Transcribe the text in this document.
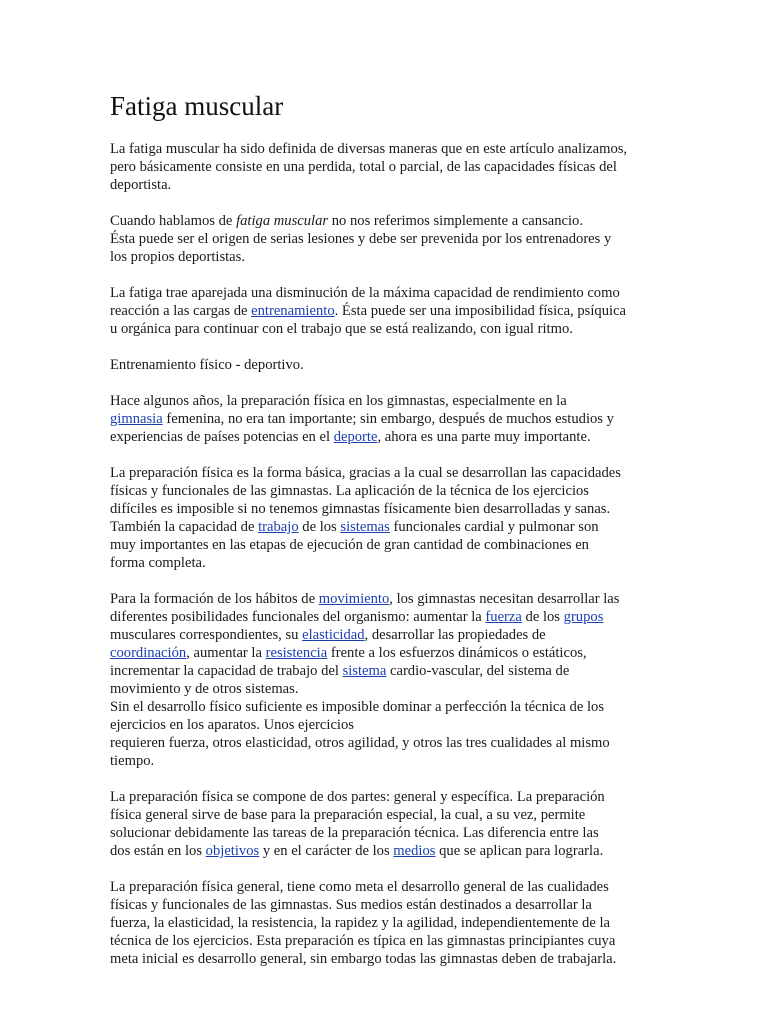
Fatiga muscular
La fatiga muscular ha sido definida de diversas maneras que en este artículo analizamos,
pero básicamente consiste en una perdida, total o parcial, de las capacidades físicas del
deportista.
Cuando hablamos de fatiga muscular no nos referimos simplemente a cansancio.
Ésta puede ser el origen de serias lesiones y debe ser prevenida por los entrenadores y
los propios deportistas.
La fatiga trae aparejada una disminución de la máxima capacidad de rendimiento como
reacción a las cargas de entrenamiento. Ésta puede ser una imposibilidad física, psíquica
u orgánica para continuar con el trabajo que se está realizando, con igual ritmo.
Entrenamiento físico - deportivo.
Hace algunos años, la preparación física en los gimnastas, especialmente en la
gimnasia femenina, no era tan importante; sin embargo, después de muchos estudios y
experiencias de países potencias en el deporte, ahora es una parte muy importante.
La preparación física es la forma básica, gracias a la cual se desarrollan las capacidades
físicas y funcionales de las gimnastas. La aplicación de la técnica de los ejercicios
difíciles es imposible si no tenemos gimnastas físicamente bien desarrolladas y sanas.
También la capacidad de trabajo de los sistemas funcionales cardial y pulmonar son
muy importantes en las etapas de ejecución de gran cantidad de combinaciones en
forma completa.
Para la formación de los hábitos de movimiento, los gimnastas necesitan desarrollar las
diferentes posibilidades funcionales del organismo: aumentar la fuerza de los grupos
musculares correspondientes, su elasticidad, desarrollar las propiedades de
coordinación, aumentar la resistencia frente a los esfuerzos dinámicos o estáticos,
incrementar la capacidad de trabajo del sistema cardio-vascular, del sistema de
movimiento y de otros sistemas.
Sin el desarrollo físico suficiente es imposible dominar a perfección la técnica de los
ejercicios en los aparatos. Unos ejercicios
requieren fuerza, otros elasticidad, otros agilidad, y otros las tres cualidades al mismo
tiempo.
La preparación física se compone de dos partes: general y específica. La preparación
física general sirve de base para la preparación especial, la cual, a su vez, permite
solucionar debidamente las tareas de la preparación técnica. Las diferencia entre las
dos están en los objetivos y en el carácter de los medios que se aplican para lograrla.
La preparación física general, tiene como meta el desarrollo general de las cualidades
físicas y funcionales de las gimnastas. Sus medios están destinados a desarrollar la
fuerza, la elasticidad, la resistencia, la rapidez y la agilidad, independientemente de la
técnica de los ejercicios. Esta preparación es típica en las gimnastas principiantes cuya
meta inicial es desarrollo general, sin embargo todas las gimnastas deben de trabajarla.
